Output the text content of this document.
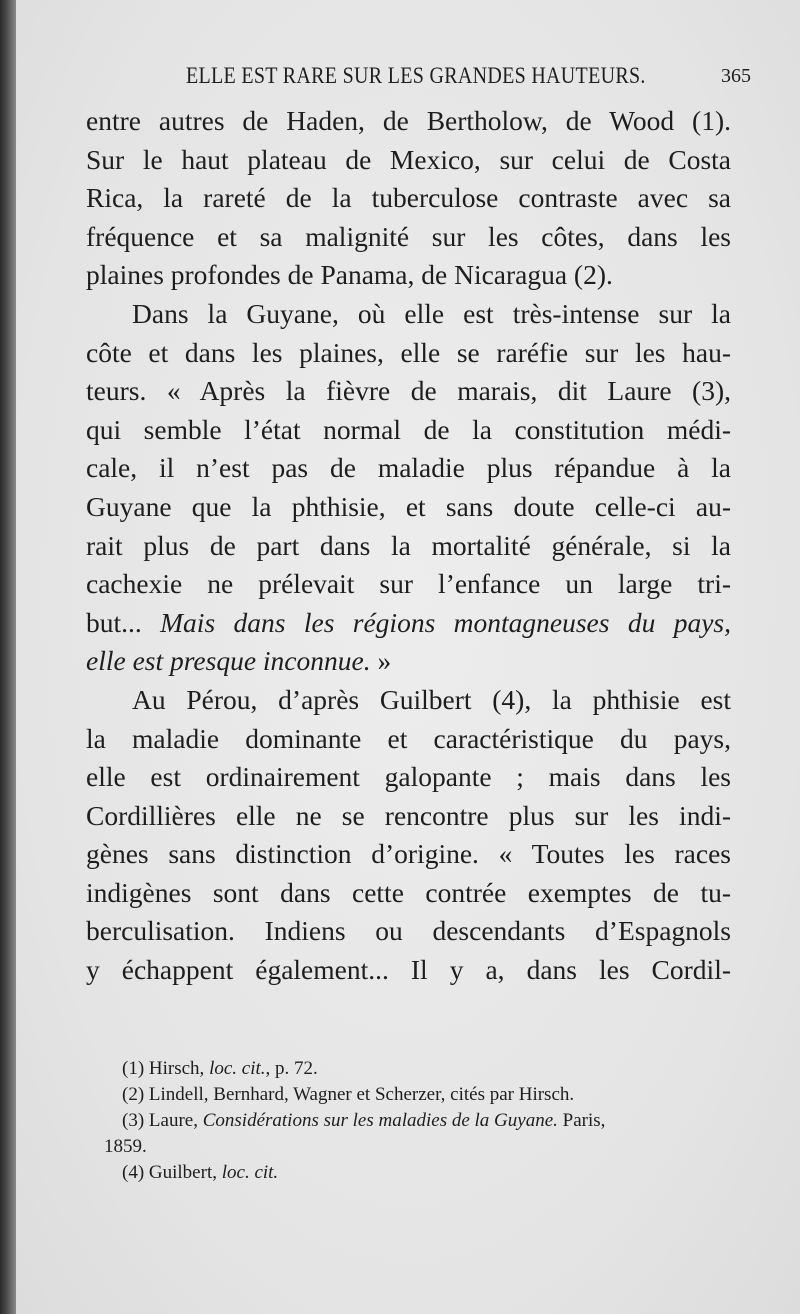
ELLE EST RARE SUR LES GRANDES HAUTEURS.	365

entre autres de Haden, de Bertholow, de Wood (1).
Sur le haut plateau de Mexico, sur celui de Costa
Rica, la rareté de la tuberculose contraste avec sa
fréquence et sa malignité sur les côtes, dans les
plaines profondes de Panama, de Nicaragua (2).

Dans la Guyane, où elle est très-intense sur la
côte et dans les plaines, elle se raréfie sur les hau-
teurs. « Après la fièvre de marais, dit Laure (3),
qui semble l’état normal de la constitution médi-
cale, il n’est pas de maladie plus répandue à la
Guyane que la phthisie, et sans doute celle-ci au-
rait plus de part dans la mortalité générale, si la
cachexie ne prélevait sur l’enfance un large tri-
but... Mais dans les régions montagneuses du pays,
elle est presque inconnue. »

Au Pérou, d’après Guilbert (4), la phthisie est
la maladie dominante et caractéristique du pays,
elle est ordinairement galopante ; mais dans les
Cordillières elle ne se rencontre plus sur les indi-
gènes sans distinction d’origine. « Toutes les races
indigènes sont dans cette contrée exemptes de tu-
berculisation. Indiens ou descendants d’Espagnols
y échappent également... Il y a, dans les Cordil-

(1) Hirsch, loc. cit., p. 72.
(2) Lindell, Bernhard, Wagner et Scherzer, cités par Hirsch.
(3) Laure, Considérations sur les maladies de la Guyane. Paris,
1859.
(4) Guilbert, loc. cit.
